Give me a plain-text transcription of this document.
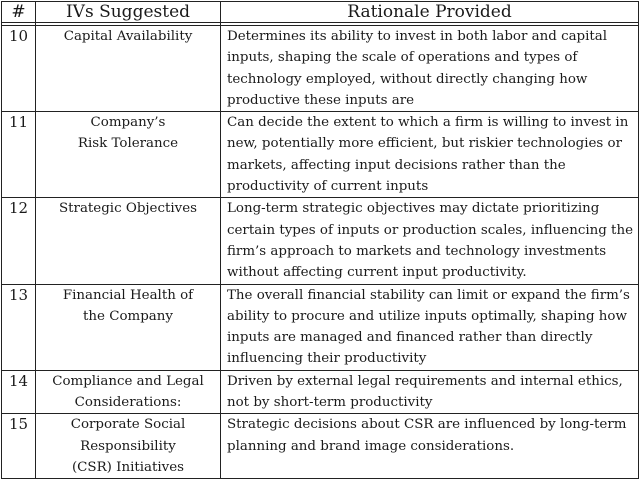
#	IVs Suggested	Rationale Provided

10	Capital Availability	Determines its ability to invest in both labor and capital inputs, shaping the scale of operations and types of technology employed, without directly changing how productive these inputs are
11	Company’s Risk Tolerance	Can decide the extent to which a firm is willing to invest in new, potentially more efficient, but riskier technologies or markets, affecting input decisions rather than the productivity of current inputs
12	Strategic Objectives	Long-term strategic objectives may dictate prioritizing certain types of inputs or production scales, influencing the firm’s approach to markets and technology investments without affecting current input productivity.
13	Financial Health of the Company	The overall financial stability can limit or expand the firm’s ability to procure and utilize inputs optimally, shaping how inputs are managed and financed rather than directly influencing their productivity
14	Compliance and Legal Considerations:	Driven by external legal requirements and internal ethics, not by short-term productivity
15	Corporate Social Responsibility (CSR) Initiatives	Strategic decisions about CSR are influenced by long-term planning and brand image considerations.
